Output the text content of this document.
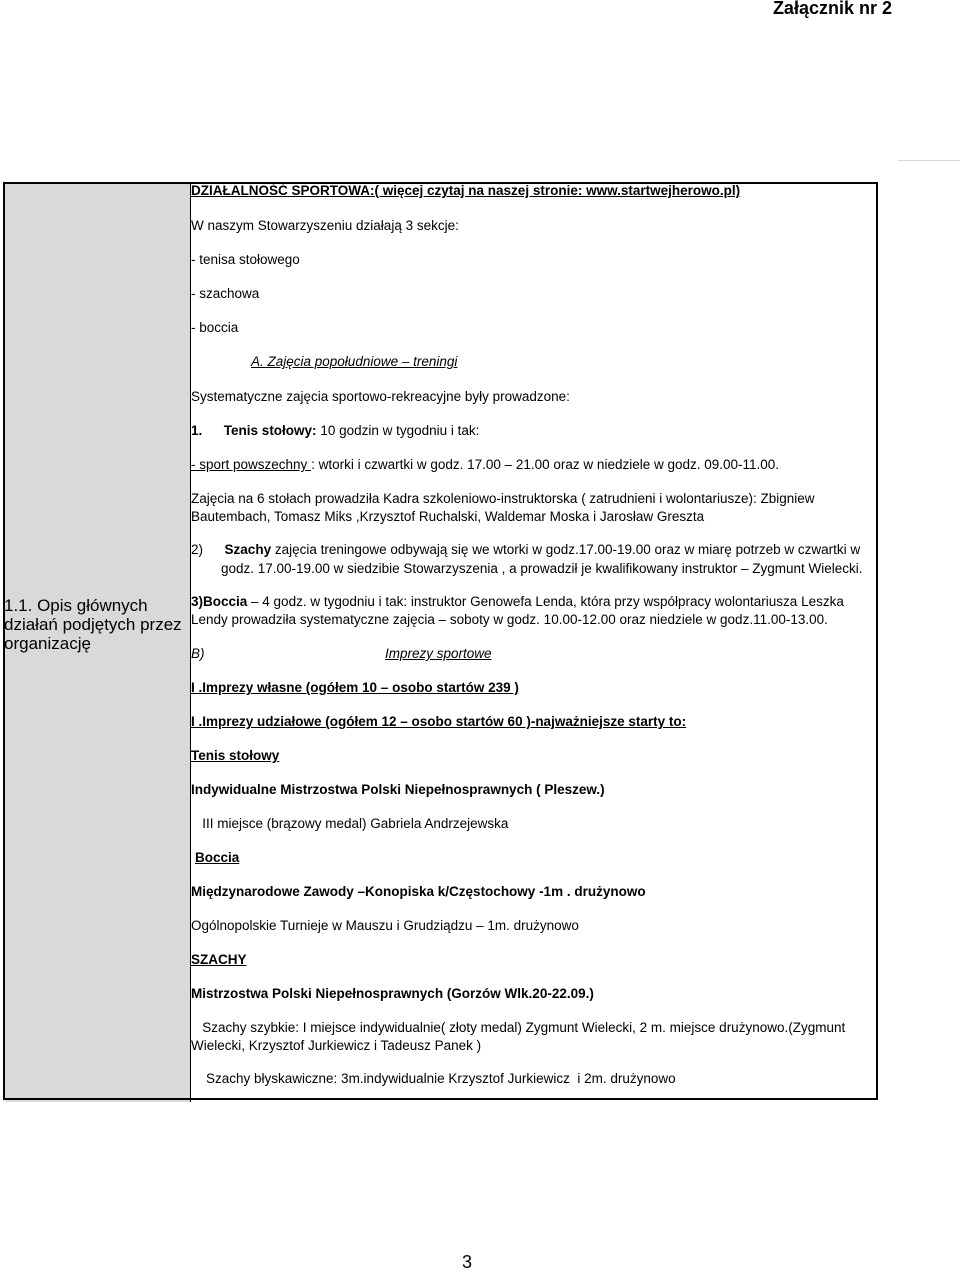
Załącznik nr 2
1.1. Opis głównych działań podjętych przez organizację
DZIAŁALNOŚĆ SPORTOWA:( więcej czytaj na naszej stronie: www.startwejherowo.pl)
W naszym Stowarzyszeniu działają 3 sekcje:
- tenisa stołowego
- szachowa
- boccia
A. Zajęcia popołudniowe – treningi
Systematyczne zajęcia sportowo-rekreacyjne były prowadzone:
1. Tenis stołowy: 10 godzin w tygodniu i tak:
- sport powszechny : wtorki i czwartki w godz. 17.00 – 21.00 oraz w niedziele w godz. 09.00-11.00.
Zajęcia na 6 stołach prowadziła Kadra szkoleniowo-instruktorska ( zatrudnieni i wolontariusze): Zbigniew Bautembach, Tomasz Miks ,Krzysztof Ruchalski, Waldemar Moska i Jarosław Greszta
2) Szachy zajęcia treningowe odbywają się we wtorki w godz.17.00-19.00 oraz w miarę potrzeb w czwartki w
godz. 17.00-19.00 w siedzibie Stowarzyszenia , a prowadził je kwalifikowany instruktor – Zygmunt Wielecki.
3)Boccia – 4 godz. w tygodniu i tak: instruktor Genowefa Lenda, która przy współpracy wolontariusza Leszka Lendy prowadziła systematyczne zajęcia – soboty w godz. 10.00-12.00 oraz niedziele w godz.11.00-13.00.
B)	Imprezy sportowe
I .Imprezy własne (ogółem 10 – osobo startów 239 )
I .Imprezy udziałowe (ogółem 12 – osobo startów 60 )-najważniejsze starty to:
Tenis stołowy
Indywidualne Mistrzostwa Polski Niepełnosprawnych ( Pleszew.)
III miejsce (brązowy medal) Gabriela Andrzejewska
Boccia
Międzynarodowe Zawody –Konopiska k/Częstochowy -1m . drużynowo
Ogólnopolskie Turnieje w Mauszu i Grudziądzu – 1m. drużynowo
SZACHY
Mistrzostwa Polski Niepełnosprawnych (Gorzów Wlk.20-22.09.)
Szachy szybkie: I miejsce indywidualnie( złoty medal) Zygmunt Wielecki, 2 m. miejsce drużynowo.(Zygmunt Wielecki, Krzysztof Jurkiewicz i Tadeusz Panek )
Szachy błyskawiczne: 3m.indywidualnie Krzysztof Jurkiewicz  i 2m. drużynowo
3
